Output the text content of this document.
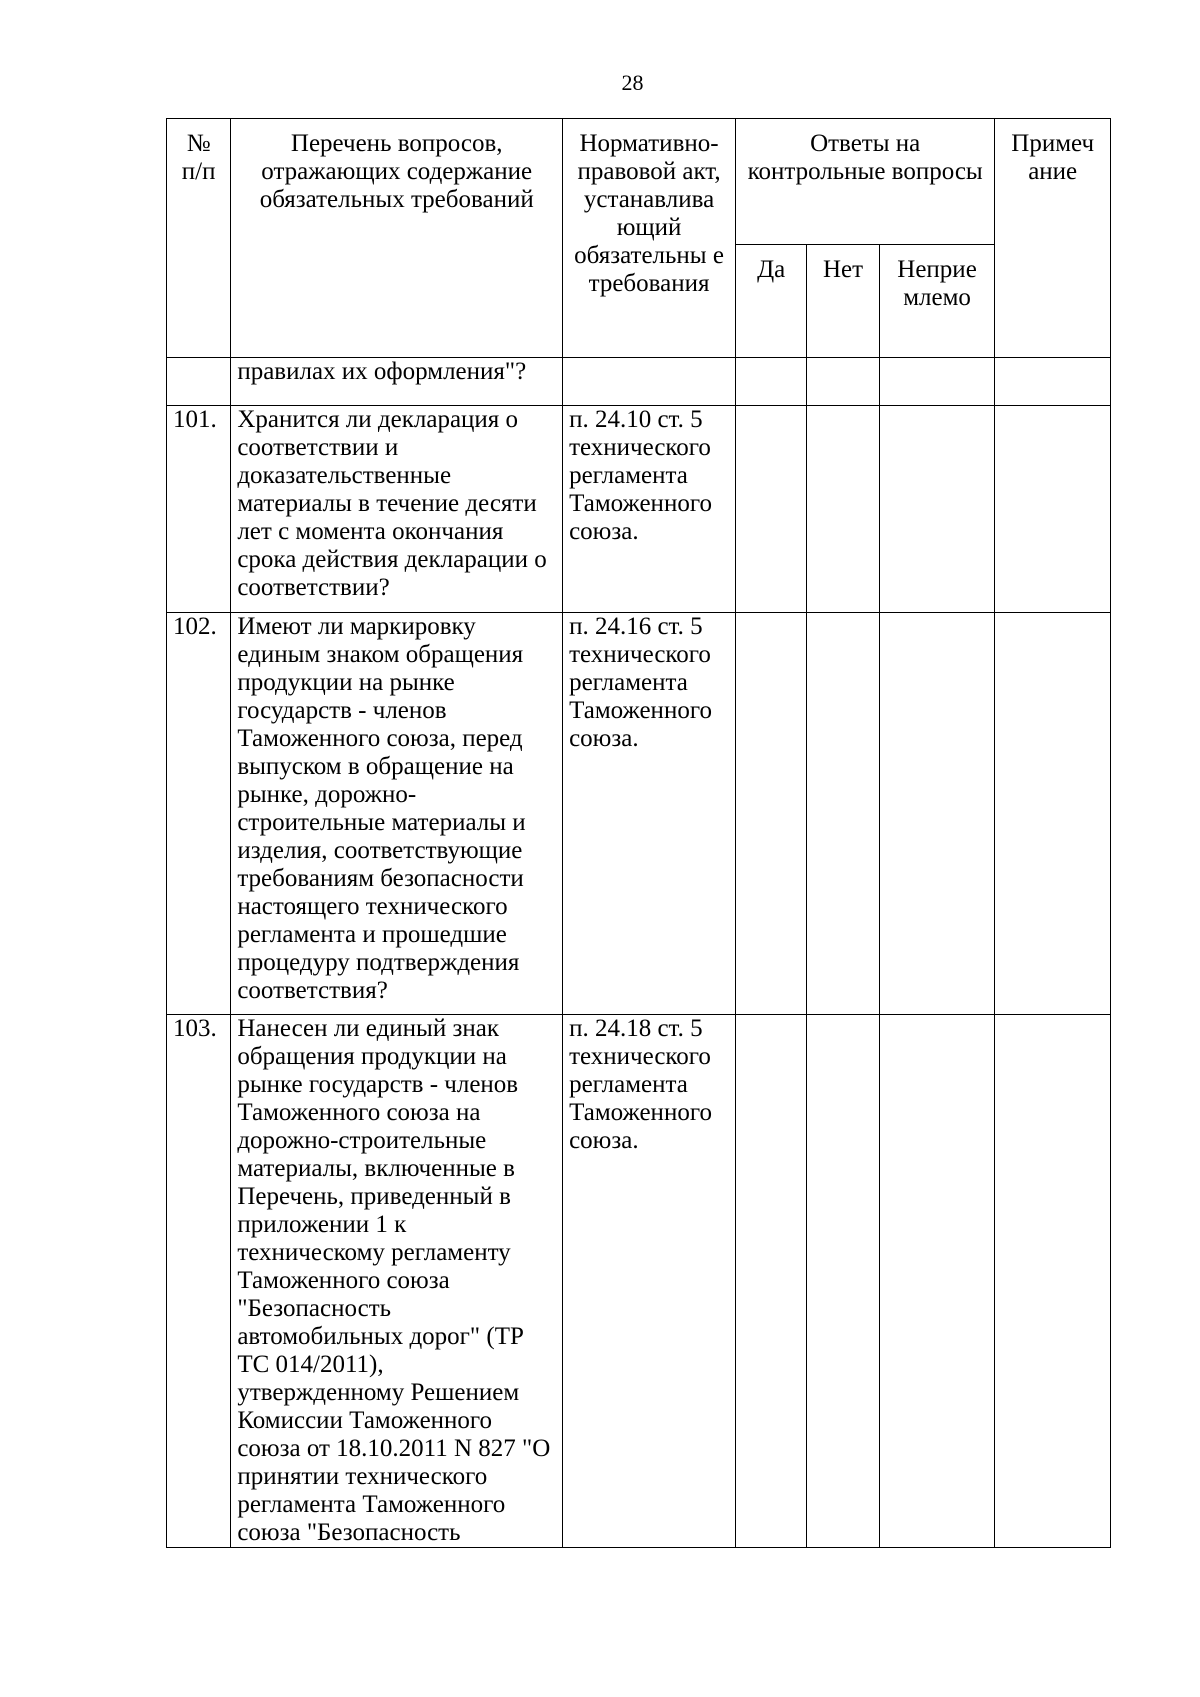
28
№
п/п	Перечень вопросов, отражающих содержание обязательных требований	Нормативно-правовой акт, устанавлива ющий обязательны е требования	Ответы на контрольные вопросы			Примеч ание
			Да	Нет	Неприе млемо	
	правилах их оформления"?					
101.	Хранится ли декларация о соответствии и доказательственные материалы в течение десяти лет с момента окончания срока действия декларации о соответствии?	п. 24.10 ст. 5 технического регламента Таможенного союза.				
102.	Имеют ли маркировку единым знаком обращения продукции на рынке государств - членов Таможенного союза, перед выпуском в обращение на рынке, дорожно-строительные материалы и изделия, соответствующие требованиям безопасности настоящего технического регламента и прошедшие процедуру подтверждения соответствия?	п. 24.16 ст. 5 технического регламента Таможенного союза.				
103.	Нанесен ли единый знак обращения продукции на рынке государств - членов Таможенного союза на дорожно-строительные материалы, включенные в Перечень, приведенный в приложении 1 к техническому регламенту Таможенного союза "Безопасность автомобильных дорог" (ТР ТС 014/2011), утвержденному Решением Комиссии Таможенного союза от 18.10.2011 N 827 "О принятии технического регламента Таможенного союза "Безопасность	п. 24.18 ст. 5 технического регламента Таможенного союза.				
